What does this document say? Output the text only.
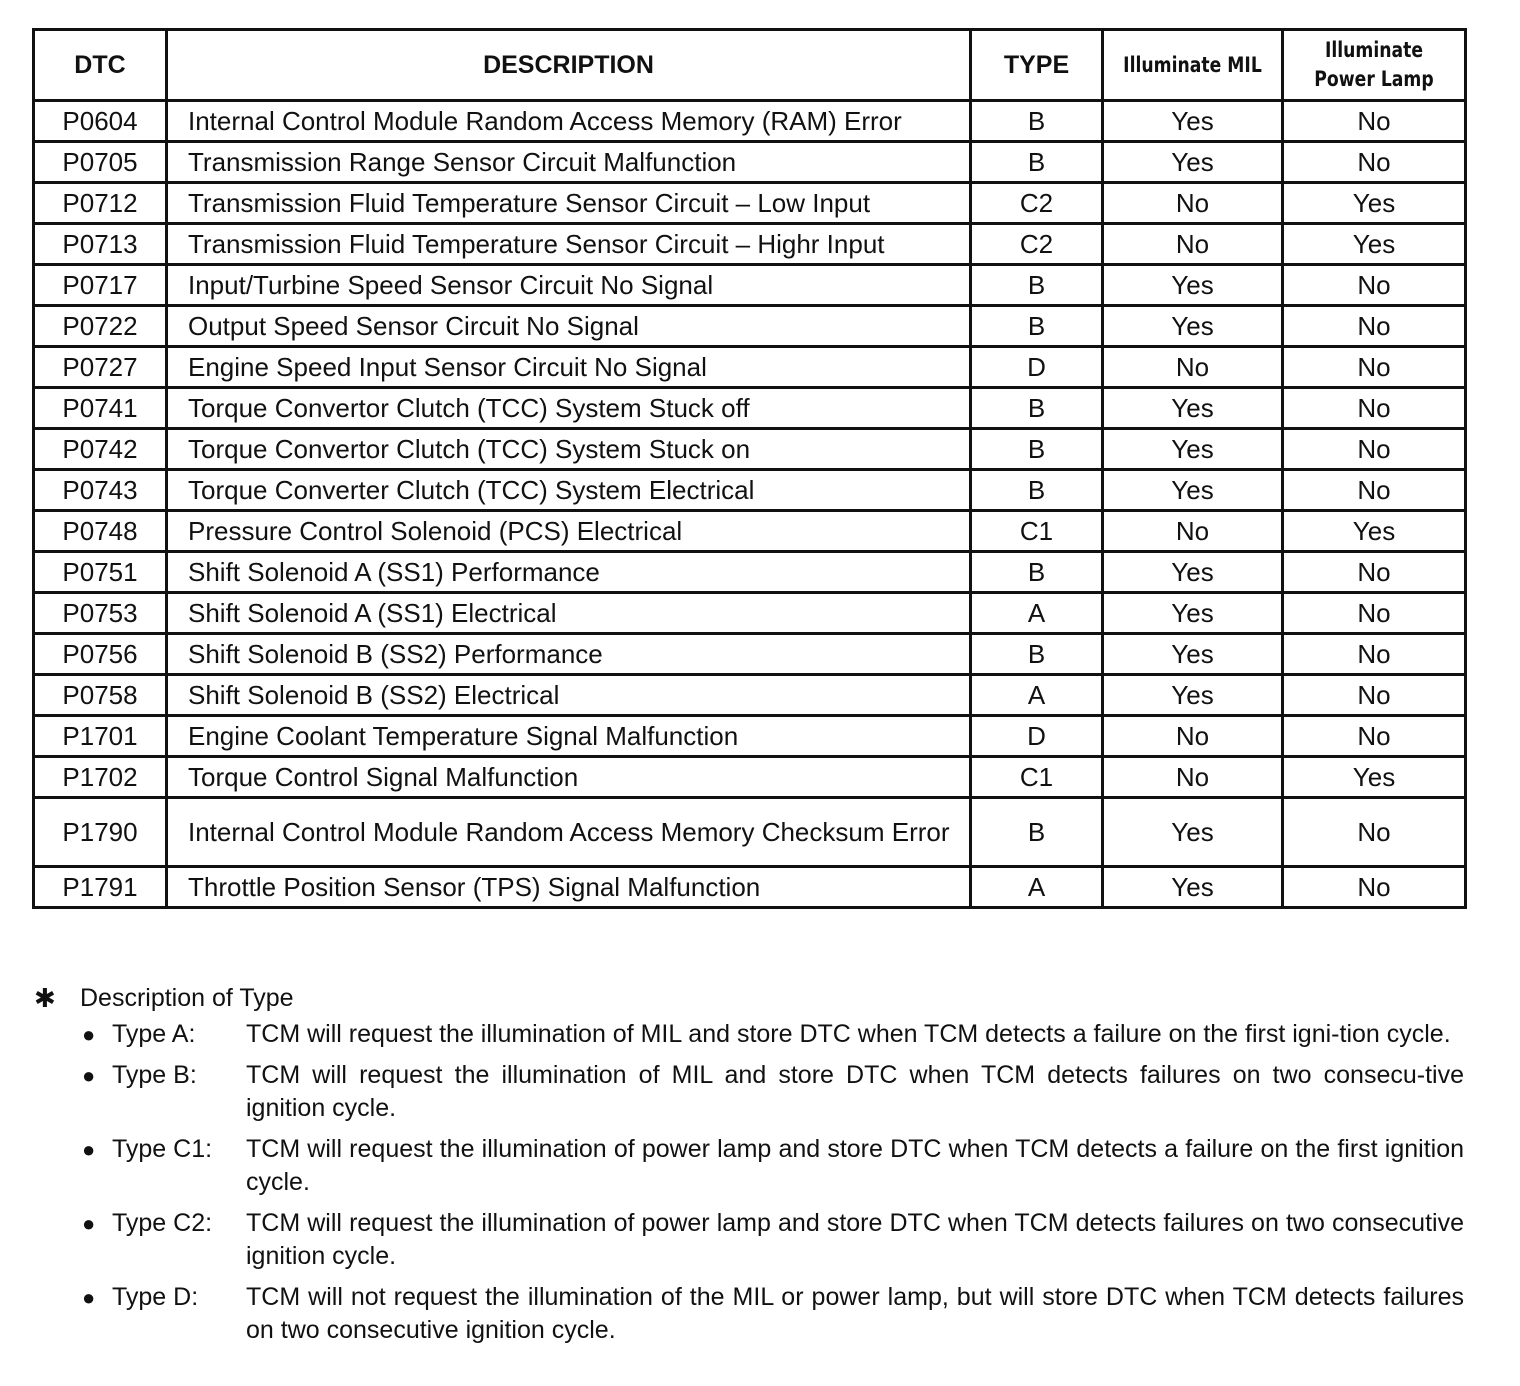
DTC	DESCRIPTION	TYPE	Illuminate MIL	Illuminate
Power Lamp

P0604	Internal Control Module Random Access Memory (RAM) Error	B	Yes	No
P0705	Transmission Range Sensor Circuit Malfunction	B	Yes	No
P0712	Transmission Fluid Temperature Sensor Circuit – Low Input	C2	No	Yes
P0713	Transmission Fluid Temperature Sensor Circuit – Highr Input	C2	No	Yes
P0717	Input/Turbine Speed Sensor Circuit No Signal	B	Yes	No
P0722	Output Speed Sensor Circuit No Signal	B	Yes	No
P0727	Engine Speed Input Sensor Circuit No Signal	D	No	No
P0741	Torque Convertor Clutch (TCC) System Stuck off	B	Yes	No
P0742	Torque Convertor Clutch (TCC) System Stuck on	B	Yes	No
P0743	Torque Converter Clutch (TCC) System Electrical	B	Yes	No
P0748	Pressure Control Solenoid (PCS) Electrical	C1	No	Yes
P0751	Shift Solenoid A (SS1) Performance	B	Yes	No
P0753	Shift Solenoid A (SS1) Electrical	A	Yes	No
P0756	Shift Solenoid B (SS2) Performance	B	Yes	No
P0758	Shift Solenoid B (SS2) Electrical	A	Yes	No
P1701	Engine Coolant Temperature Signal Malfunction	D	No	No
P1702	Torque Control Signal Malfunction	C1	No	Yes
P1790	Internal Control Module Random Access Memory Checksum Error	B	Yes	No
P1791	Throttle Position Sensor (TPS) Signal Malfunction	A	Yes	No
✱ Description of Type
● Type A:	TCM will request the illumination of MIL and store DTC when TCM detects a failure on the first igni-tion cycle.
● Type B:	TCM will request the illumination of MIL and store DTC when TCM detects failures on two consecu-tive ignition cycle.
● Type C1:	TCM will request the illumination of power lamp and store DTC when TCM detects a failure on the first ignition cycle.
● Type C2:	TCM will request the illumination of power lamp and store DTC when TCM detects failures on two consecutive ignition cycle.
● Type D:	TCM will not request the illumination of the MIL or power lamp, but will store DTC when TCM detects failures on two consecutive ignition cycle.
